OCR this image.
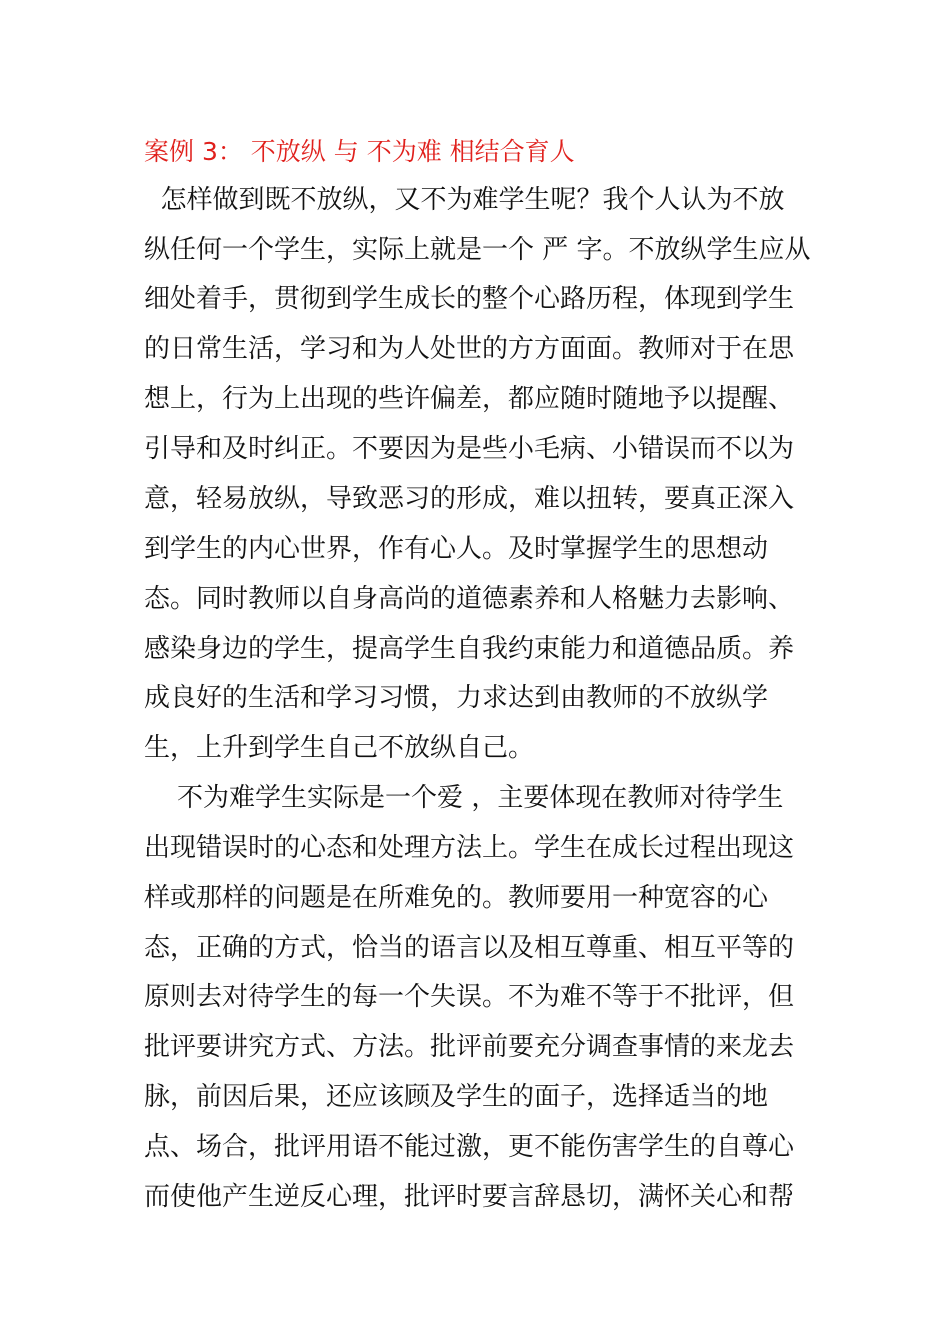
案例 3： 不放纵 与 不为难 相结合育人
怎样做到既不放纵，又不为难学生呢？我个人认为不放
纵任何一个学生，实际上就是一个 严 字。不放纵学生应从
细处着手，贯彻到学生成长的整个心路历程，体现到学生
的日常生活，学习和为人处世的方方面面。教师对于在思
想上，行为上出现的些许偏差，都应随时随地予以提醒、
引导和及时纠正。不要因为是些小毛病、小错误而不以为
意，轻易放纵，导致恶习的形成，难以扭转，要真正深入
到学生的内心世界，作有心人。及时掌握学生的思想动
态。同时教师以自身高尚的道德素养和人格魅力去影响、
感染身边的学生，提高学生自我约束能力和道德品质。养
成良好的生活和学习习惯，力求达到由教师的不放纵学
生，上升到学生自己不放纵自己。
不为难学生实际是一个爱 ，主要体现在教师对待学生
出现错误时的心态和处理方法上。学生在成长过程出现这
样或那样的问题是在所难免的。教师要用一种宽容的心
态，正确的方式，恰当的语言以及相互尊重、相互平等的
原则去对待学生的每一个失误。不为难不等于不批评，但
批评要讲究方式、方法。批评前要充分调查事情的来龙去
脉，前因后果，还应该顾及学生的面子，选择适当的地
点、场合，批评用语不能过激，更不能伤害学生的自尊心
而使他产生逆反心理，批评时要言辞恳切，满怀关心和帮
